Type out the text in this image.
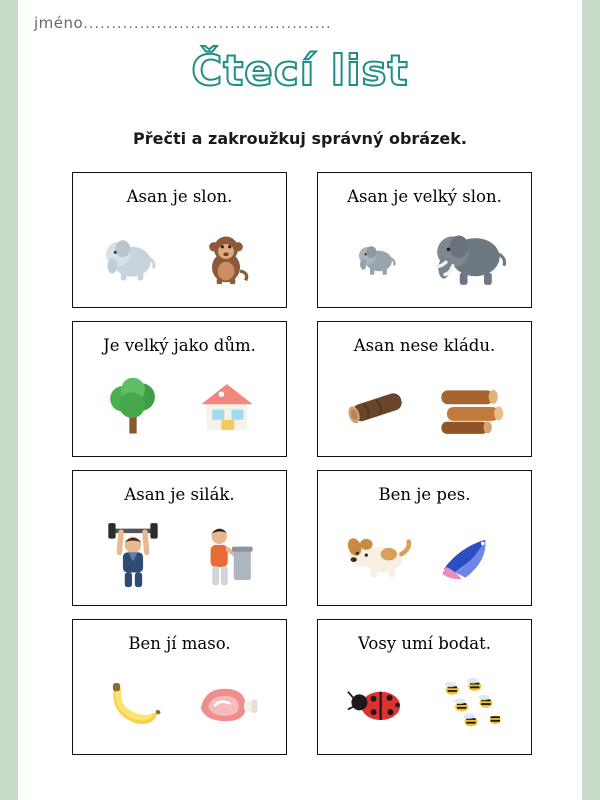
jméno............................................
Čtecí list
Přečti a zakroužkuj správný obrázek.
Asan je slon.	Asan je velký slon.
Je velký jako dům.	Asan nese kládu.
Asan je silák.	Ben je pes.
Ben jí maso.	Vosy umí bodat.
